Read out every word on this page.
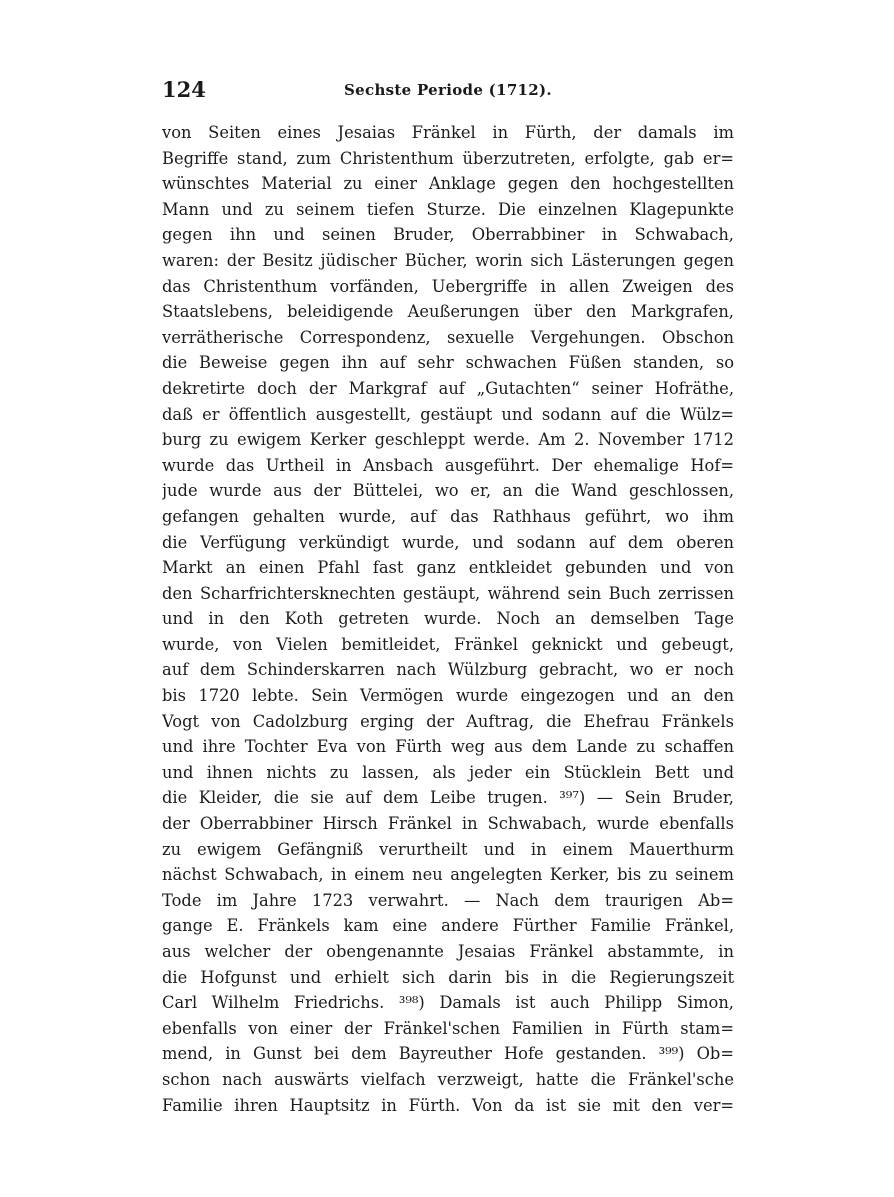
124	Sechste Periode (1712).
von Seiten eines Jesaias Fränkel in Fürth, der damals im
Begriffe stand, zum Christenthum überzutreten, erfolgte, gab er=
wünschtes Material zu einer Anklage gegen den hochgestellten
Mann und zu seinem tiefen Sturze. Die einzelnen Klagepunkte
gegen ihn und seinen Bruder, Oberrabbiner in Schwabach,
waren: der Besitz jüdischer Bücher, worin sich Lästerungen gegen
das Christenthum vorfänden, Uebergriffe in allen Zweigen des
Staatslebens, beleidigende Aeußerungen über den Markgrafen,
verrätherische Correspondenz, sexuelle Vergehungen. Obschon
die Beweise gegen ihn auf sehr schwachen Füßen standen, so
dekretirte doch der Markgraf auf „Gutachten“ seiner Hofräthe,
daß er öffentlich ausgestellt, gestäupt und sodann auf die Wülz=
burg zu ewigem Kerker geschleppt werde. Am 2. November 1712
wurde das Urtheil in Ansbach ausgeführt. Der ehemalige Hof=
jude wurde aus der Büttelei, wo er, an die Wand geschlossen,
gefangen gehalten wurde, auf das Rathhaus geführt, wo ihm
die Verfügung verkündigt wurde, und sodann auf dem oberen
Markt an einen Pfahl fast ganz entkleidet gebunden und von
den Scharfrichtersknechten gestäupt, während sein Buch zerrissen
und in den Koth getreten wurde. Noch an demselben Tage
wurde, von Vielen bemitleidet, Fränkel geknickt und gebeugt,
auf dem Schinderskarren nach Wülzburg gebracht, wo er noch
bis 1720 lebte. Sein Vermögen wurde eingezogen und an den
Vogt von Cadolzburg erging der Auftrag, die Ehefrau Fränkels
und ihre Tochter Eva von Fürth weg aus dem Lande zu schaffen
und ihnen nichts zu lassen, als jeder ein Stücklein Bett und
die Kleider, die sie auf dem Leibe trugen. ³⁹⁷) — Sein Bruder,
der Oberrabbiner Hirsch Fränkel in Schwabach, wurde ebenfalls
zu ewigem Gefängniß verurtheilt und in einem Mauerthurm
nächst Schwabach, in einem neu angelegten Kerker, bis zu seinem
Tode im Jahre 1723 verwahrt. — Nach dem traurigen Ab=
gange E. Fränkels kam eine andere Fürther Familie Fränkel,
aus welcher der obengenannte Jesaias Fränkel abstammte, in
die Hofgunst und erhielt sich darin bis in die Regierungszeit
Carl Wilhelm Friedrichs. ³⁹⁸) Damals ist auch Philipp Simon,
ebenfalls von einer der Fränkel'schen Familien in Fürth stam=
mend, in Gunst bei dem Bayreuther Hofe gestanden. ³⁹⁹) Ob=
schon nach auswärts vielfach verzweigt, hatte die Fränkel'sche
Familie ihren Hauptsitz in Fürth. Von da ist sie mit den ver=
